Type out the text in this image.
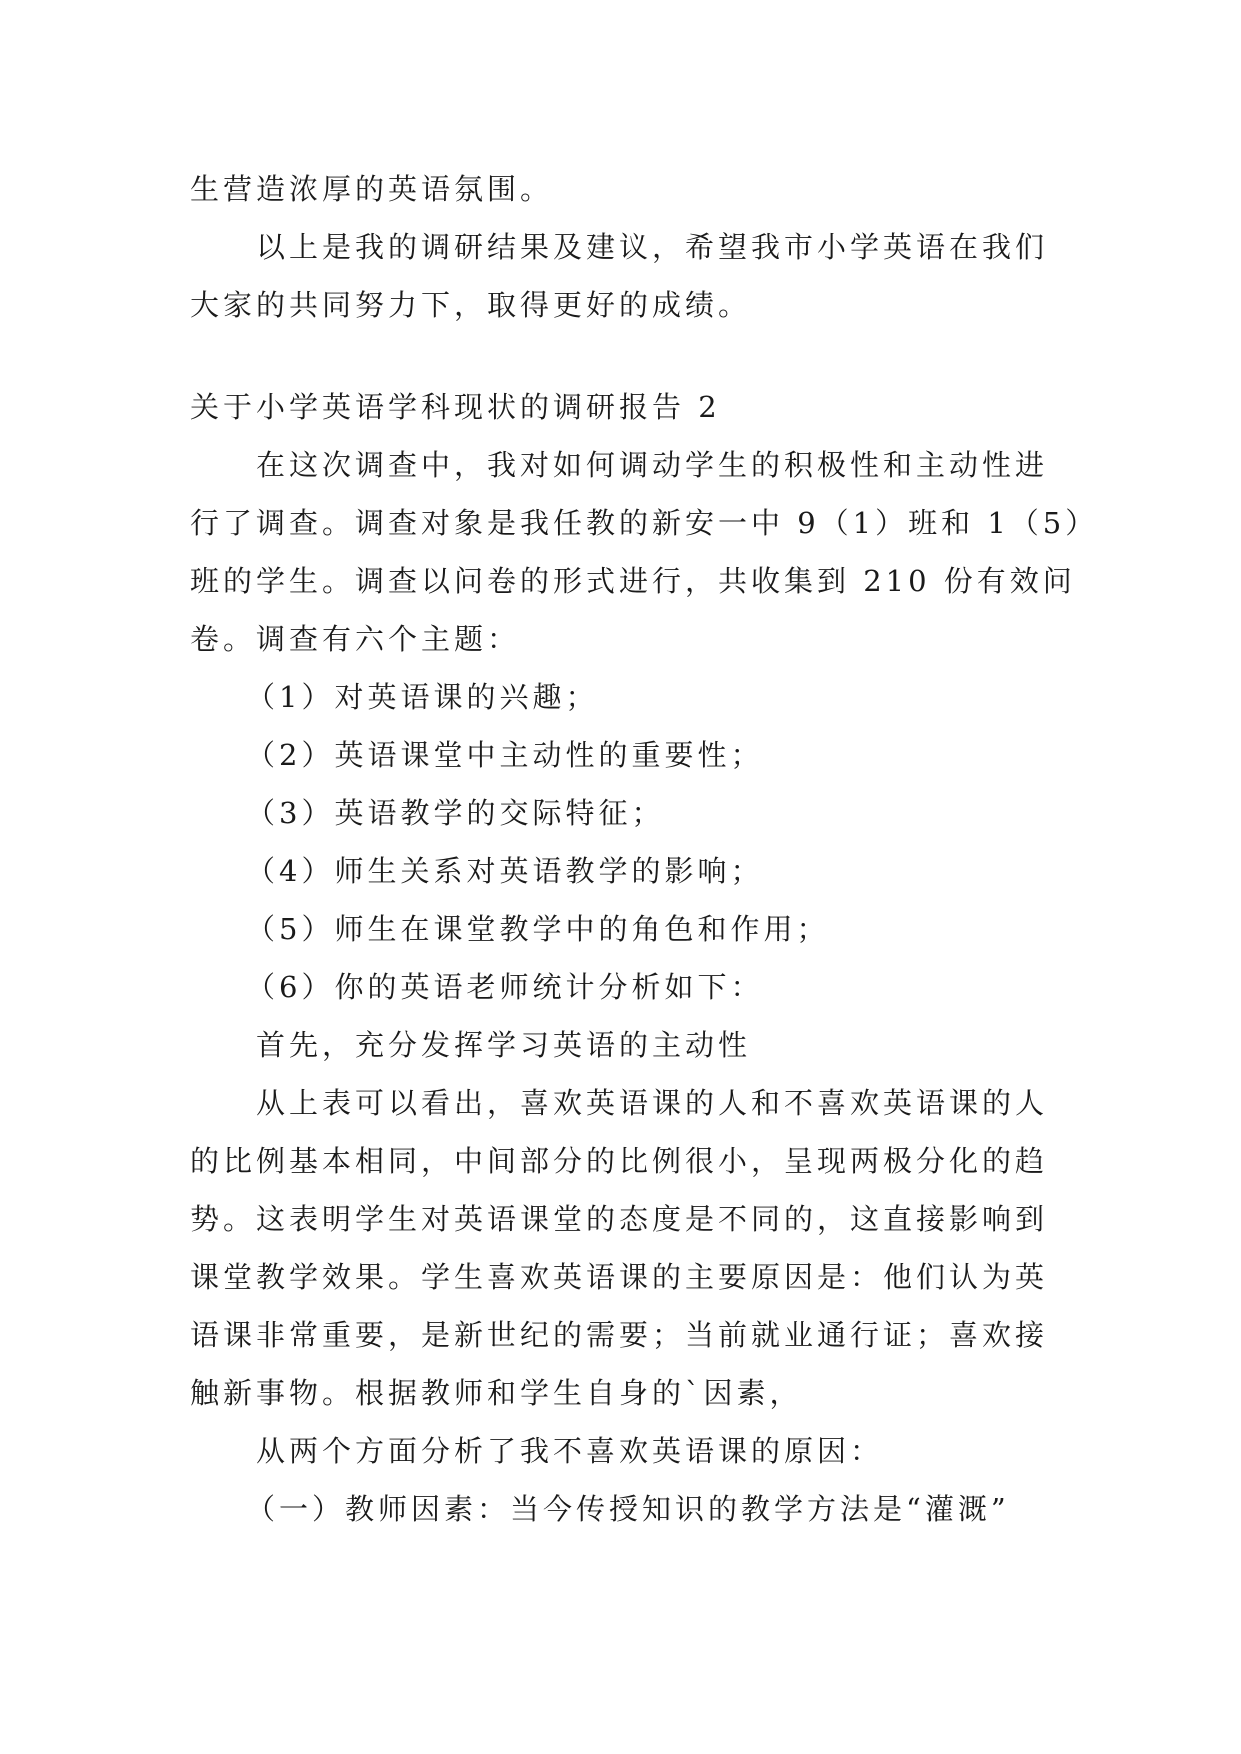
生营造浓厚的英语氛围。
以上是我的调研结果及建议，希望我市小学英语在我们
大家的共同努力下，取得更好的成绩。
关于小学英语学科现状的调研报告 2
在这次调查中，我对如何调动学生的积极性和主动性进
行了调查。调查对象是我任教的新安一中 9（1）班和 1（5）
班的学生。调查以问卷的形式进行，共收集到 210 份有效问
卷。调查有六个主题：
（1）对英语课的兴趣；
（2）英语课堂中主动性的重要性；
（3）英语教学的交际特征；
（4）师生关系对英语教学的影响；
（5）师生在课堂教学中的角色和作用；
（6）你的英语老师统计分析如下：
首先，充分发挥学习英语的主动性
从上表可以看出，喜欢英语课的人和不喜欢英语课的人
的比例基本相同，中间部分的比例很小，呈现两极分化的趋
势。这表明学生对英语课堂的态度是不同的，这直接影响到
课堂教学效果。学生喜欢英语课的主要原因是：他们认为英
语课非常重要，是新世纪的需要；当前就业通行证；喜欢接
触新事物。根据教师和学生自身的`因素，
从两个方面分析了我不喜欢英语课的原因：
（一）教师因素：当今传授知识的教学方法是“灌溉”
